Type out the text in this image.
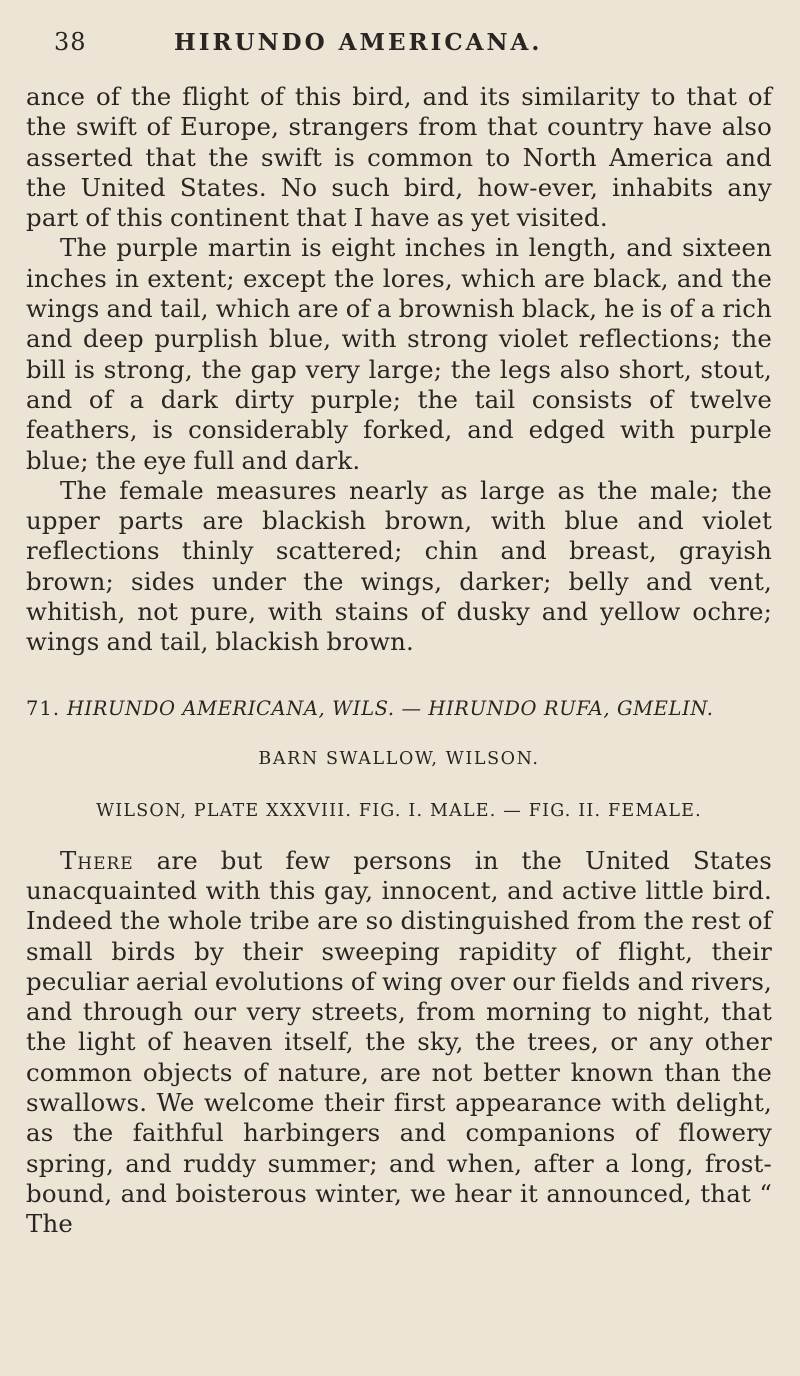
38	HIRUNDO AMERICANA.

ance of the flight of this bird, and its similarity to that of the swift of Europe, strangers from that country have also asserted that the swift is common to North America and the United States. No such bird, how-ever, inhabits any part of this continent that I have as yet visited.

The purple martin is eight inches in length, and sixteen inches in extent; except the lores, which are black, and the wings and tail, which are of a brownish black, he is of a rich and deep purplish blue, with strong violet reflections; the bill is strong, the gap very large; the legs also short, stout, and of a dark dirty purple; the tail consists of twelve feathers, is considerably forked, and edged with purple blue; the eye full and dark.

The female measures nearly as large as the male; the upper parts are blackish brown, with blue and violet reflections thinly scattered; chin and breast, grayish brown; sides under the wings, darker; belly and vent, whitish, not pure, with stains of dusky and yellow ochre; wings and tail, blackish brown.

71. HIRUNDO AMERICANA, WILS. — HIRUNDO RUFA, GMELIN.
BARN SWALLOW, WILSON.
WILSON, PLATE XXXVIII. FIG. I. MALE. — FIG. II. FEMALE.

There are but few persons in the United States unacquainted with this gay, innocent, and active little bird. Indeed the whole tribe are so distinguished from the rest of small birds by their sweeping rapidity of flight, their peculiar aerial evolutions of wing over our fields and rivers, and through our very streets, from morning to night, that the light of heaven itself, the sky, the trees, or any other common objects of nature, are not better known than the swallows. We welcome their first appearance with delight, as the faithful harbingers and companions of flowery spring, and ruddy summer; and when, after a long, frost-bound, and boisterous winter, we hear it announced, that “ The
